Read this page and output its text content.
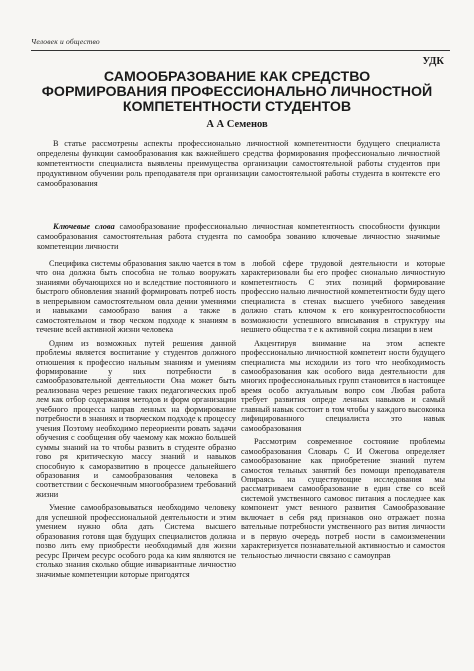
Человек и общество
УДК
САМООБРАЗОВАНИЕ КАК СРЕДСТВО
ФОРМИРОВАНИЯ ПРОФЕССИОНАЛЬНО ЛИЧНОСТНОЙ
КОМПЕТЕНТНОСТИ СТУДЕНТОВ
А А Семенов

В статье рассмотрены аспекты профессионально личностной компетентности будущего специалиста определены функции самообразования как важнейшего средства формирования профессионально личностной компетентности специалиста выявлены преимущества организации самостоятельной работы студентов при продуктивном обучении роль преподавателя при организации самостоятельной работы студента в контексте его самообразования

Ключевые слова самообразование профессионально личностная компетентность способности функции самообразования самостоятельная работа студента по самообра зованию ключевые личностно значимые компетенции личности

Специфика системы образования заклю чается в том что она должна быть способна не только вооружать знаниями обучающихся но и вследствие постоянного и быстрого обновления знаний формировать потреб ность в непрерывном самостоятельном овла дении умениями и навыками самообразо вания а также в самостоятельном и твор ческом подходе к знаниям в течение всей активной жизни человека

Одним из возможных путей решения данной проблемы является воспитание у студентов должного отношения к профессио нальным знаниям и умениям формирование у них потребности в самообразовательной деятельности Она может быть реализована через решение таких педагогических проб лем как отбор содержания методов и форм организации учебного процесса направ ленных на формирование потребности в знаниях и творческом подходе к процессу учения Поэтому необходимо переориенти ровать задачи обучения с сообщения обу чаемому как можно большей суммы знаний на то чтобы развить в студенте образно гово ря критическую массу знаний и навыков способную к саморазвитию в процессе дальнейшего образования и самообразования человека в соответствии с бесконечным многообразием требований жизни

Умение самообразовываться необходимо человеку для успешной профессиональной деятельности и этим умением нужно обла дать Система высшего образования готовя щая будущих специалистов должна позво лить ему приобрести необходимый для жизни ресурс Причем ресурс особого рода ка ким являются не столько знания сколько общие инвариантные личностно значимые компетенции которые пригодятся

в любой сфере трудовой деятельности и которые характеризовали бы его профес сионально личностную компетентность С этих позиций формирование профессио нально личностной компетентности буду щего специалиста в стенах высшего учебного заведения должно стать ключом к его конкурентоспособности возможности успешного вписывания в структуру ны нешнего общества т е к активной социа лизации в нем

Акцентируя внимание на этом аспекте профессионально личностной компетент ности будущего специалиста мы исходили из того что необходимость самообразования как особого вида деятельности для многих профессиональных групп становится в настоящее время особо актуальным вопро сом Любая работа требует развития опреде ленных навыков и самый главный навык состоит в том чтобы у каждого высокоика лифицированного специалиста это навык самообразования

Рассмотрим современное состояние проблемы самообразования Словарь С И Ожегова определяет самообразование как приобретение знаний путем самостоя тельных занятий без помощи преподавателя Опираясь на существующие исследования мы рассматриваем самообразование в един стве со всей системой умственного самовос питания а последнее как компонент умст венного развития Самообразование включает в себя ряд признаков оно отражает позна вательные потребности умственного раз вития личности и в первую очередь потреб ности в самоизменении характеризуется познавательной активностью и самостоя тельностью личности связано с самоуправ
